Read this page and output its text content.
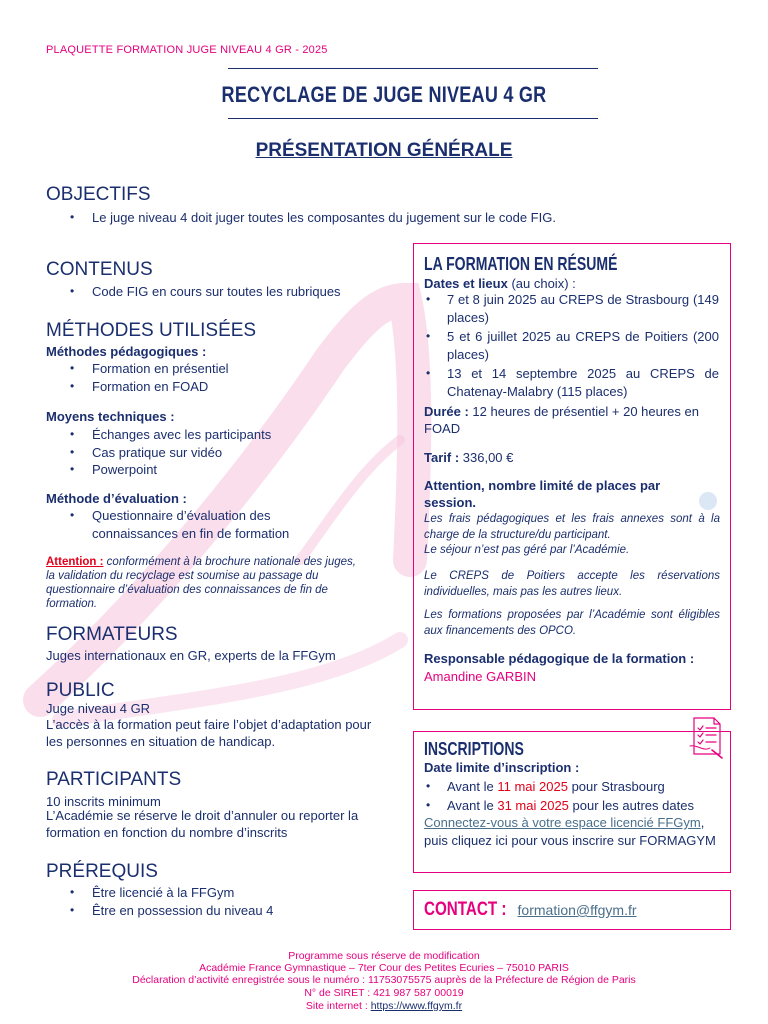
PLAQUETTE FORMATION JUGE NIVEAU 4 GR - 2025
RECYCLAGE DE JUGE NIVEAU 4 GR
PRÉSENTATION GÉNÉRALE
OBJECTIFS
• Le juge niveau 4 doit juger toutes les composantes du jugement sur le code FIG.
CONTENUS
• Code FIG en cours sur toutes les rubriques
MÉTHODES UTILISÉES
Méthodes pédagogiques :
• Formation en présentiel
• Formation en FOAD
Moyens techniques :
• Échanges avec les participants
• Cas pratique sur vidéo
• Powerpoint
Méthode d’évaluation :
• Questionnaire d’évaluation des connaissances en fin de formation
Attention : conformément à la brochure nationale des juges, la validation du recyclage est soumise au passage du questionnaire d’évaluation des connaissances de fin de formation.
FORMATEURS
Juges internationaux en GR, experts de la FFGym
PUBLIC
Juge niveau 4 GR
L’accès à la formation peut faire l’objet d’adaptation pour les personnes en situation de handicap.
PARTICIPANTS
10 inscrits minimum
L’Académie se réserve le droit d’annuler ou reporter la formation en fonction du nombre d’inscrits
PRÉREQUIS
• Être licencié à la FFGym
• Être en possession du niveau 4
LA FORMATION EN RÉSUMÉ
Dates et lieux (au choix) :
• 7 et 8 juin 2025 au CREPS de Strasbourg (149 places)
• 5 et 6 juillet 2025 au CREPS de Poitiers (200 places)
• 13 et 14 septembre 2025 au CREPS de Chatenay-Malabry (115 places)
Durée : 12 heures de présentiel + 20 heures en FOAD
Tarif : 336,00 €
Attention, nombre limité de places par session.
Les frais pédagogiques et les frais annexes sont à la charge de la structure/du participant.
Le séjour n’est pas géré par l’Académie.
Le CREPS de Poitiers accepte les réservations individuelles, mais pas les autres lieux.
Les formations proposées par l’Académie sont éligibles aux financements des OPCO.
Responsable pédagogique de la formation :
Amandine GARBIN
INSCRIPTIONS
Date limite d’inscription :
• Avant le 11 mai 2025 pour Strasbourg
• Avant le 31 mai 2025 pour les autres dates
Connectez-vous à votre espace licencié FFGym, puis cliquez ici pour vous inscrire sur FORMAGYM
CONTACT : formation@ffgym.fr
Programme sous réserve de modification
Académie France Gymnastique – 7ter Cour des Petites Ecuries – 75010 PARIS
Déclaration d’activité enregistrée sous le numéro : 11753075575 auprès de la Préfecture de Région de Paris
N° de SIRET : 421 987 587 00019
Site internet : https://www.ffgym.fr
